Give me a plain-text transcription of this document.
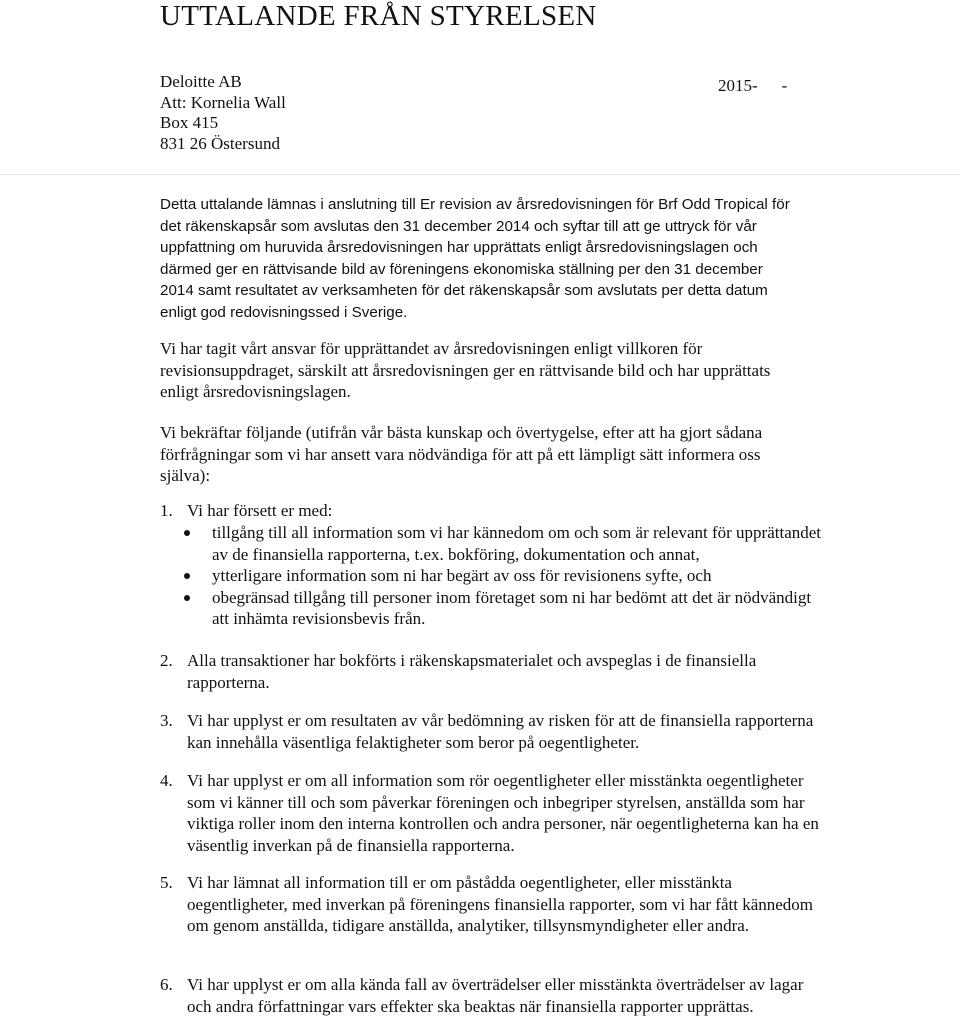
UTTALANDE FRÅN STYRELSEN
Deloitte AB
Att: Kornelia Wall
Box 415
831 26 Östersund
2015- -

Detta uttalande lämnas i anslutning till Er revision av årsredovisningen för Brf Odd Tropical för det räkenskapsår som avslutas den 31 december 2014 och syftar till att ge uttryck för vår uppfattning om huruvida årsredovisningen har upprättats enligt årsredovisningslagen och därmed ger en rättvisande bild av föreningens ekonomiska ställning per den 31 december 2014 samt resultatet av verksamheten för det räkenskapsår som avslutats per detta datum enligt god redovisningssed i Sverige.

Vi har tagit vårt ansvar för upprättandet av årsredovisningen enligt villkoren för revisionsuppdraget, särskilt att årsredovisningen ger en rättvisande bild och har upprättats enligt årsredovisningslagen.

Vi bekräftar följande (utifrån vår bästa kunskap och övertygelse, efter att ha gjort sådana förfrågningar som vi har ansett vara nödvändiga för att på ett lämpligt sätt informera oss själva):

1. Vi har försett er med:
tillgång till all information som vi har kännedom om och som är relevant för upprättandet av de finansiella rapporterna, t.ex. bokföring, dokumentation och annat,
ytterligare information som ni har begärt av oss för revisionens syfte, och
obegränsad tillgång till personer inom företaget som ni har bedömt att det är nödvändigt att inhämta revisionsbevis från.
2. Alla transaktioner har bokförts i räkenskapsmaterialet och avspeglas i de finansiella rapporterna.
3. Vi har upplyst er om resultaten av vår bedömning av risken för att de finansiella rapporterna kan innehålla väsentliga felaktigheter som beror på oegentligheter.
4. Vi har upplyst er om all information som rör oegentligheter eller misstänkta oegentligheter som vi känner till och som påverkar föreningen och inbegriper styrelsen, anställda som har viktiga roller inom den interna kontrollen och andra personer, när oegentligheterna kan ha en väsentlig inverkan på de finansiella rapporterna.
5. Vi har lämnat all information till er om påstådda oegentligheter, eller misstänkta oegentligheter, med inverkan på föreningens finansiella rapporter, som vi har fått kännedom om genom anställda, tidigare anställda, analytiker, tillsynsmyndigheter eller andra.
6. Vi har upplyst er om alla kända fall av överträdelser eller misstänkta överträdelser av lagar och andra författningar vars effekter ska beaktas när finansiella rapporter upprättas.
